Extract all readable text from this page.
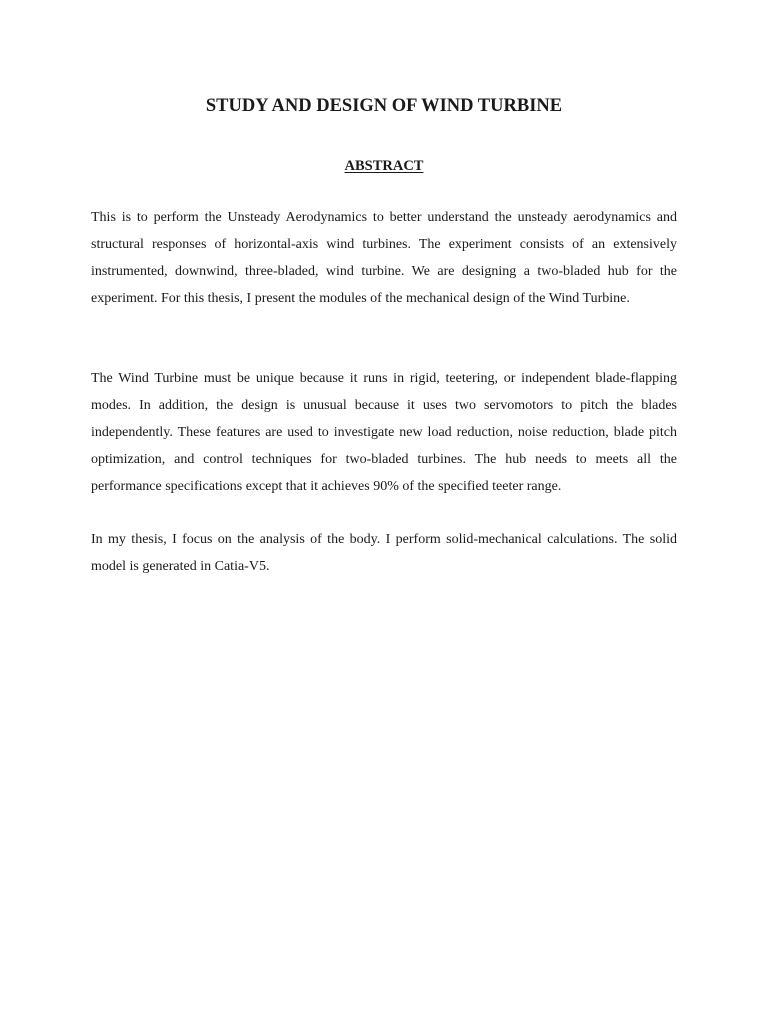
STUDY AND DESIGN OF WIND TURBINE
ABSTRACT

This is to perform the Unsteady Aerodynamics to better understand the unsteady aerodynamics and structural responses of horizontal-axis wind turbines. The experiment consists of an extensively instrumented, downwind, three-bladed, wind turbine. We are designing a two-bladed hub for the experiment. For this thesis, I present the modules of the mechanical design of the Wind Turbine.

The Wind Turbine must be unique because it runs in rigid, teetering, or independent blade-flapping modes. In addition, the design is unusual because it uses two servomotors to pitch the blades independently. These features are used to investigate new load reduction, noise reduction, blade pitch optimization, and control techniques for two-bladed turbines. The hub needs to meets all the performance specifications except that it achieves 90% of the specified teeter range.

In my thesis, I focus on the analysis of the body. I perform solid-mechanical calculations. The solid model is generated in Catia-V5.
